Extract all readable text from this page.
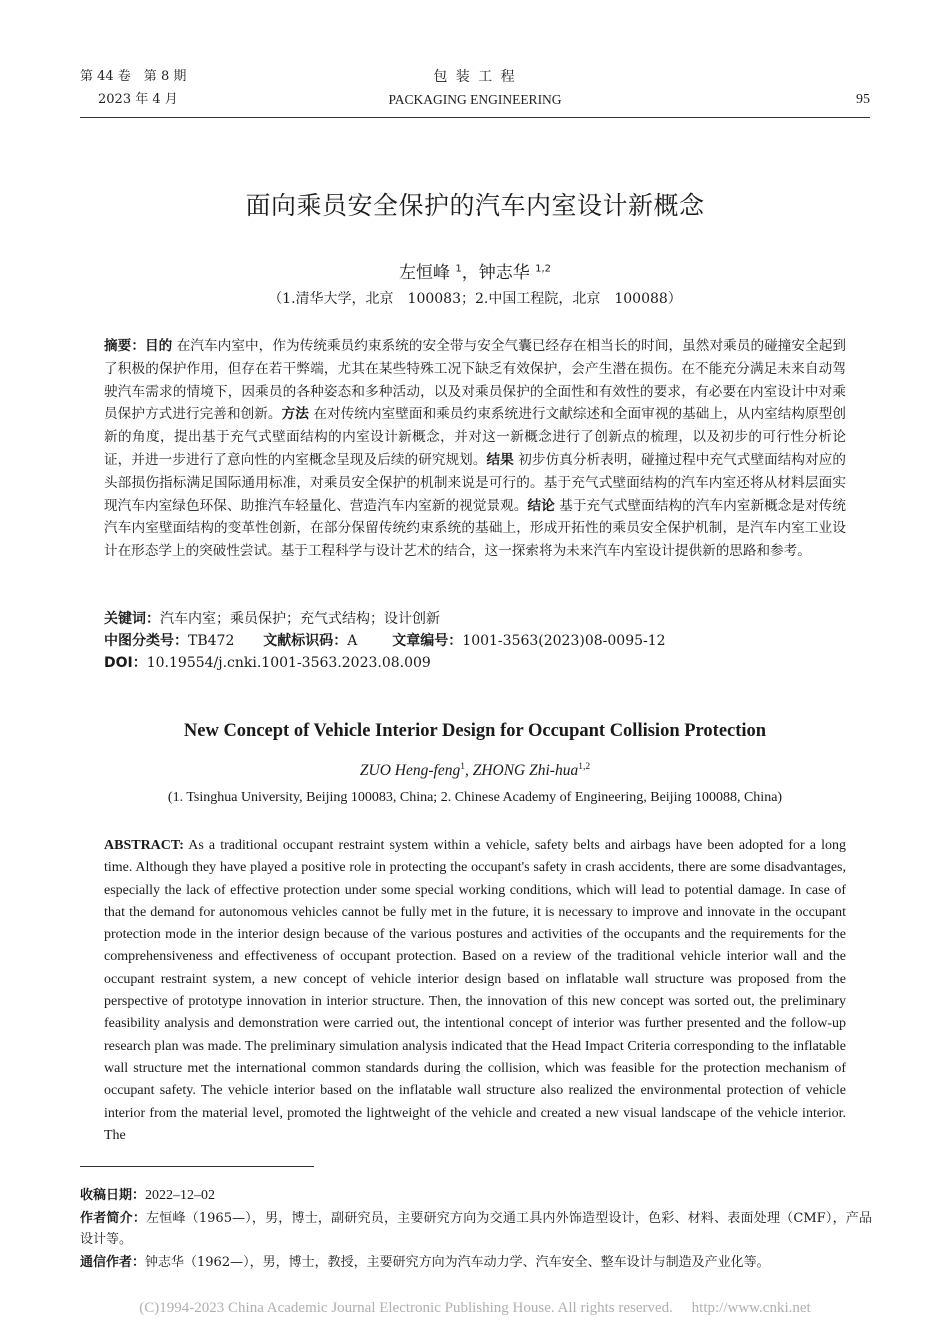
第 44 卷　第 8 期
2023 年 4 月
包 装 工 程
PACKAGING ENGINEERING	95
面向乘员安全保护的汽车内室设计新概念
左恒峰 $^1$，钟志华 $^{1,2}$
（1.清华大学，北京　100083；2.中国工程院，北京　100088）
摘要：目的 在汽车内室中，作为传统乘员约束系统的安全带与安全气囊已经存在相当长的时间，虽然对乘员的碰撞安全起到了积极的保护作用，但存在若干弊端，尤其在某些特殊工况下缺乏有效保护，会产生潜在损伤。在不能充分满足未来自动驾驶汽车需求的情境下，因乘员的各种姿态和多种活动，以及对乘员保护的全面性和有效性的要求，有必要在内室设计中对乘员保护方式进行完善和创新。方法 在对传统内室壁面和乘员约束系统进行文献综述和全面审视的基础上，从内室结构原型创新的角度，提出基于充气式壁面结构的内室设计新概念，并对这一新概念进行了创新点的梳理，以及初步的可行性分析论证，并进一步进行了意向性的内室概念呈现及后续的研究规划。结果 初步仿真分析表明，碰撞过程中充气式壁面结构对应的头部损伤指标满足国际通用标准，对乘员安全保护的机制来说是可行的。基于充气式壁面结构的汽车内室还将从材料层面实现汽车内室绿色环保、助推汽车轻量化、营造汽车内室新的视觉景观。结论 基于充气式壁面结构的汽车内室新概念是对传统汽车内室壁面结构的变革性创新，在部分保留传统约束系统的基础上，形成开拓性的乘员安全保护机制，是汽车内室工业设计在形态学上的突破性尝试。基于工程科学与设计艺术的结合，这一探索将为未来汽车内室设计提供新的思路和参考。
关键词：汽车内室；乘员保护；充气式结构；设计创新
中图分类号：TB472 文献标识码：A 文章编号：1001-3563(2023)08-0095-12
DOI：10.19554/j.cnki.1001-3563.2023.08.009
New Concept of Vehicle Interior Design for Occupant Collision Protection
ZUO Heng-feng$^1$, ZHONG Zhi-hua$^{1,2}$
(1. Tsinghua University, Beijing 100083, China; 2. Chinese Academy of Engineering, Beijing 100088, China)
ABSTRACT: As a traditional occupant restraint system within a vehicle, safety belts and airbags have been adopted for a long time. Although they have played a positive role in protecting the occupant's safety in crash accidents, there are some disadvantages, especially the lack of effective protection under some special working conditions, which will lead to potential damage. In case of that the demand for autonomous vehicles cannot be fully met in the future, it is necessary to improve and innovate in the occupant protection mode in the interior design because of the various postures and activities of the occupants and the requirements for the comprehensiveness and effectiveness of occupant protection. Based on a review of the traditional vehicle interior wall and the occupant restraint system, a new concept of vehicle interior design based on inflatable wall structure was proposed from the perspective of prototype innovation in interior structure. Then, the innovation of this new concept was sorted out, the preliminary feasibility analysis and demonstration were carried out, the intentional concept of interior was further presented and the follow-up research plan was made. The preliminary simulation analysis indicated that the Head Impact Criteria corresponding to the inflatable wall structure met the international common standards during the collision, which was feasible for the protection mechanism of occupant safety. The vehicle interior based on the inflatable wall structure also realized the environmental protection of vehicle interior from the material level, promoted the lightweight of the vehicle and created a new visual landscape of the vehicle interior. The
收稿日期：2022–12–02
作者简介：左恒峰（1965—），男，博士，副研究员，主要研究方向为交通工具内外饰造型设计，色彩、材料、表面处理（CMF），产品设计等。
通信作者：钟志华（1962—），男，博士，教授，主要研究方向为汽车动力学、汽车安全、整车设计与制造及产业化等。
(C)1994-2023 China Academic Journal Electronic Publishing House. All rights reserved.　 http://www.cnki.net
